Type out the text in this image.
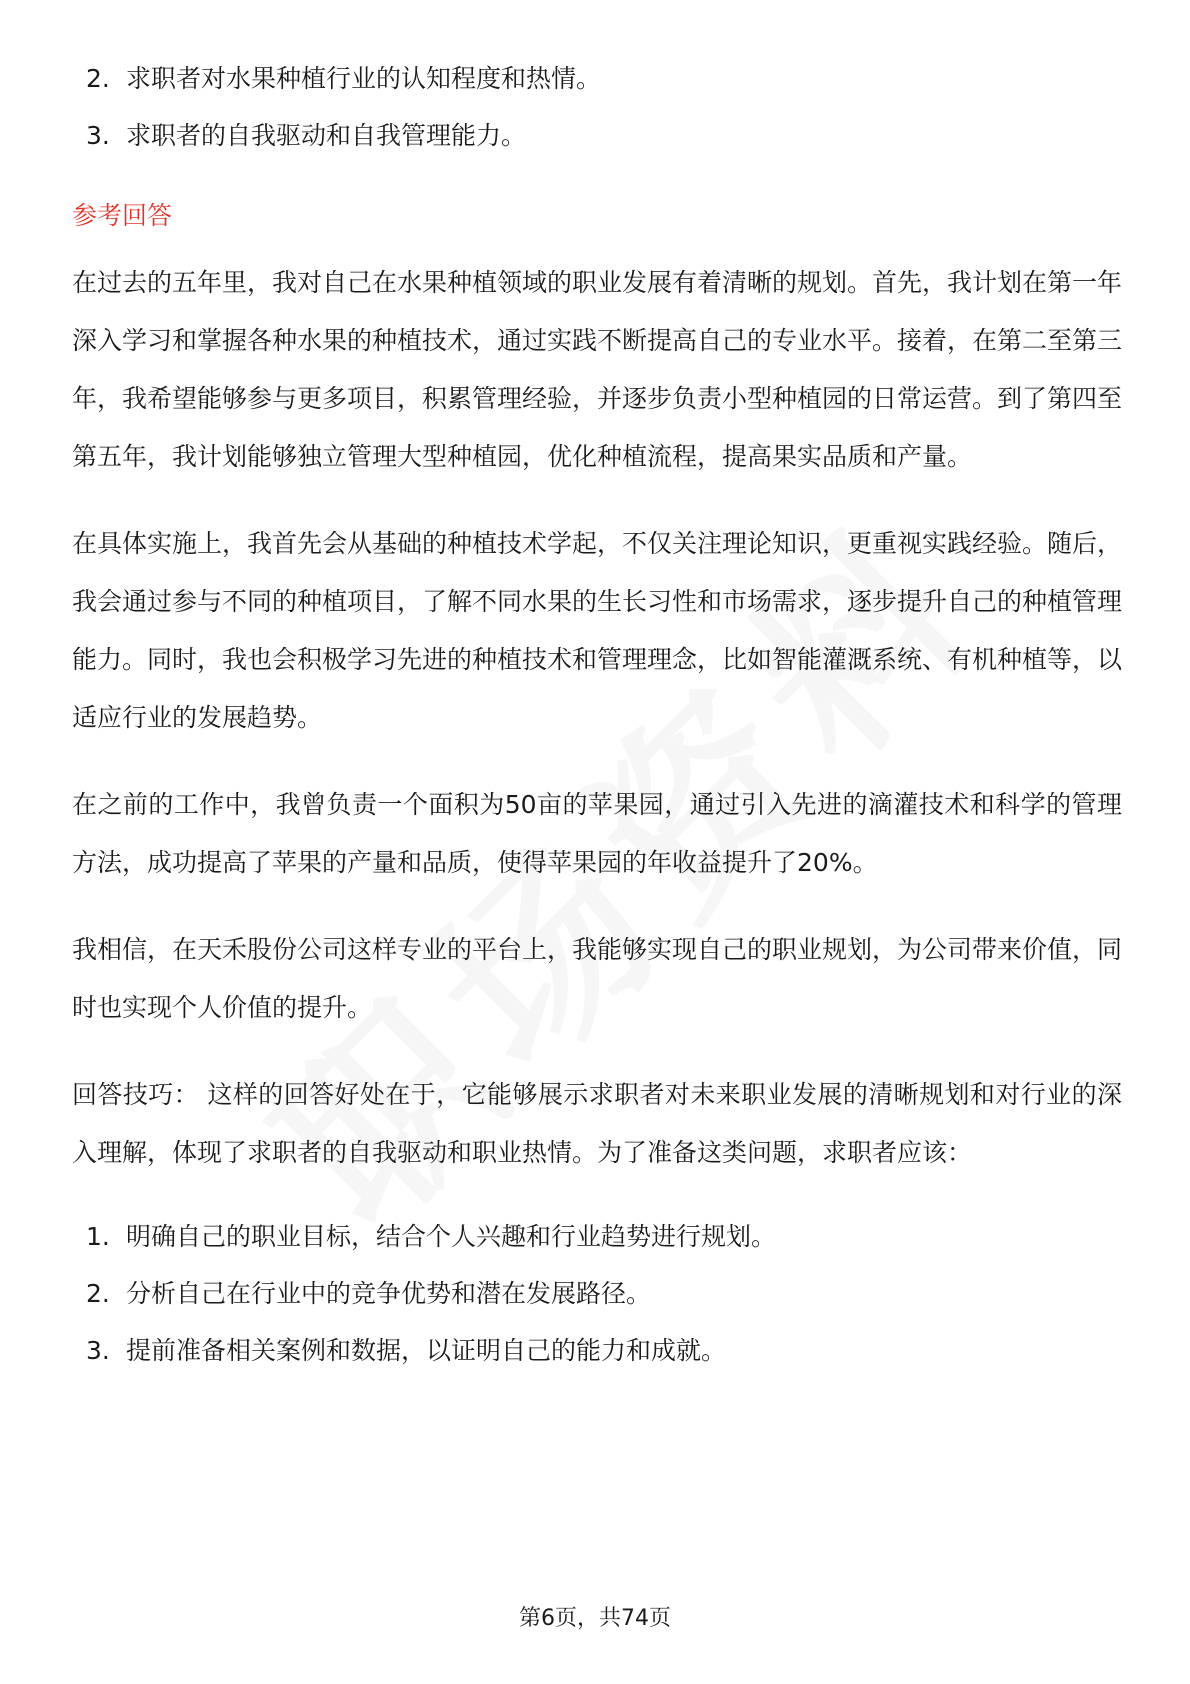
2. 求职者对水果种植行业的认知程度和热情。
3. 求职者的自我驱动和自我管理能力。
参考回答

在过去的五年里，我对自己在水果种植领域的职业发展有着清晰的规划。首先，我计划在第一年深入学习和掌握各种水果的种植技术，通过实践不断提高自己的专业水平。接着，在第二至第三年，我希望能够参与更多项目，积累管理经验，并逐步负责小型种植园的日常运营。到了第四至第五年，我计划能够独立管理大型种植园，优化种植流程，提高果实品质和产量。

在具体实施上，我首先会从基础的种植技术学起，不仅关注理论知识，更重视实践经验。随后，我会通过参与不同的种植项目，了解不同水果的生长习性和市场需求，逐步提升自己的种植管理能力。同时，我也会积极学习先进的种植技术和管理理念，比如智能灌溉系统、有机种植等，以适应行业的发展趋势。

在之前的工作中，我曾负责一个面积为50亩的苹果园，通过引入先进的滴灌技术和科学的管理方法，成功提高了苹果的产量和品质，使得苹果园的年收益提升了20%。

我相信，在天禾股份公司这样专业的平台上，我能够实现自己的职业规划，为公司带来价值，同时也实现个人价值的提升。

回答技巧： 这样的回答好处在于，它能够展示求职者对未来职业发展的清晰规划和对行业的深入理解，体现了求职者的自我驱动和职业热情。为了准备这类问题，求职者应该：

1. 明确自己的职业目标，结合个人兴趣和行业趋势进行规划。
2. 分析自己在行业中的竞争优势和潜在发展路径。
3. 提前准备相关案例和数据，以证明自己的能力和成就。
第6页，共74页
